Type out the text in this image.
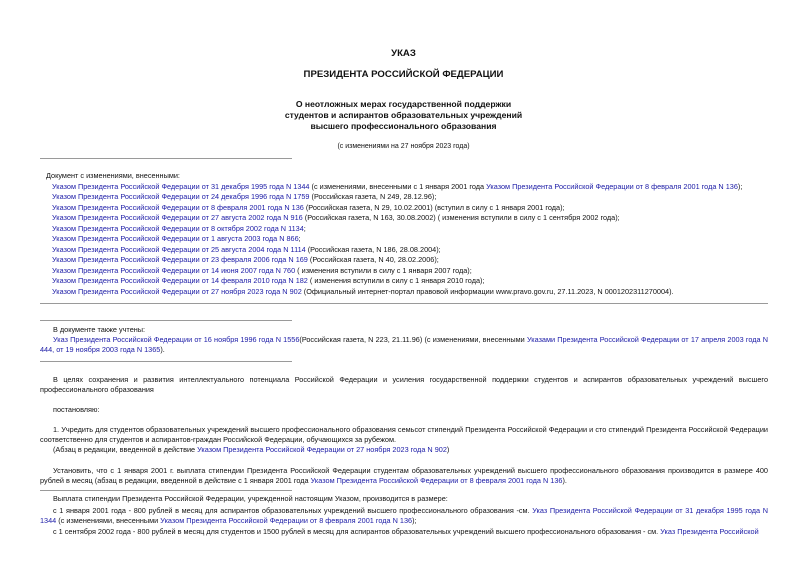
УКАЗ
ПРЕЗИДЕНТА РОССИЙСКОЙ ФЕДЕРАЦИИ
О неотложных мерах государственной поддержки
студентов и аспирантов образовательных учреждений
высшего профессионального образования
(с изменениями на 27 ноября 2023 года)
Документ с изменениями, внесенными:
Указом Президента Российской Федерации от 31 декабря 1995 года N 1344 (с изменениями, внесенными с 1 января 2001 года Указом Президента Российской Федерации от 8 февраля 2001 года N 136);
Указом Президента Российской Федерации от 24 декабря 1996 года N 1759 (Российская газета, N 249, 28.12.96);
Указом Президента Российской Федерации от 8 февраля 2001 года N 136 (Российская газета, N 29, 10.02.2001) (вступил в силу с 1 января 2001 года);
Указом Президента Российской Федерации от 27 августа 2002 года N 916 (Российская газета, N 163, 30.08.2002) ( изменения вступили в силу с 1 сентября 2002 года);
Указом Президента Российской Федерации от 8 октября 2002 года N 1134;
Указом Президента Российской Федерации от 1 августа 2003 года N 866;
Указом Президента Российской Федерации от 25 августа 2004 года N 1114 (Российская газета, N 186, 28.08.2004);
Указом Президента Российской Федерации от 23 февраля 2006 года N 169 (Российская газета, N 40, 28.02.2006);
Указом Президента Российской Федерации от 14 июня 2007 года N 760 ( изменения вступили в силу с 1 января 2007 года);
Указом Президента Российской Федерации от 14 февраля 2010 года N 182 ( изменения вступили в силу с 1 января 2010 года);
Указом Президента Российской Федерации от 27 ноября 2023 года N 902 (Официальный интернет-портал правовой информации www.pravo.gov.ru, 27.11.2023, N 0001202311270004).
В документе также учтены:
Указ Президента Российской Федерации от 16 ноября 1996 года N 1556(Российская газета, N 223, 21.11.96) (с изменениями, внесенными Указами Президента Российской Федерации от 17 апреля 2003 года N 444, от 19 ноября 2003 года N 1365).
В целях сохранения и развития интеллектуального потенциала Российской Федерации и усиления государственной поддержки студентов и аспирантов образовательных учреждений высшего профессионального образования
постановляю:
1. Учредить для студентов образовательных учреждений высшего профессионального образования семьсот стипендий Президента Российской Федерации и сто стипендий Президента Российской Федерации соответственно для студентов и аспирантов-граждан Российской Федерации, обучающихся за рубежом.
(Абзац в редакции, введенной в действие Указом Президента Российской Федерации от 27 ноября 2023 года N 902)
Установить, что с 1 января 2001 г. выплата стипендии Президента Российской Федерации студентам образовательных учреждений высшего профессионального образования производится в размере 400 рублей в месяц (абзац в редакции, введенной в действие с 1 января 2001 года Указом Президента Российской Федерации от 8 февраля 2001 года N 136).
Выплата стипендии Президента Российской Федерации, учрежденной настоящим Указом, производится в размере:
с 1 января 2001 года - 800 рублей в месяц для аспирантов образовательных учреждений высшего профессионального образования -см. Указ Президента Российской Федерации от 31 декабря 1995 года N 1344 (с изменениями, внесенными Указом Президента Российской Федерации от 8 февраля 2001 года N 136);
с 1 сентября 2002 года - 800 рублей в месяц для студентов и 1500 рублей в месяц для аспирантов образовательных учреждений высшего профессионального образования - см. Указ Президента Российской
